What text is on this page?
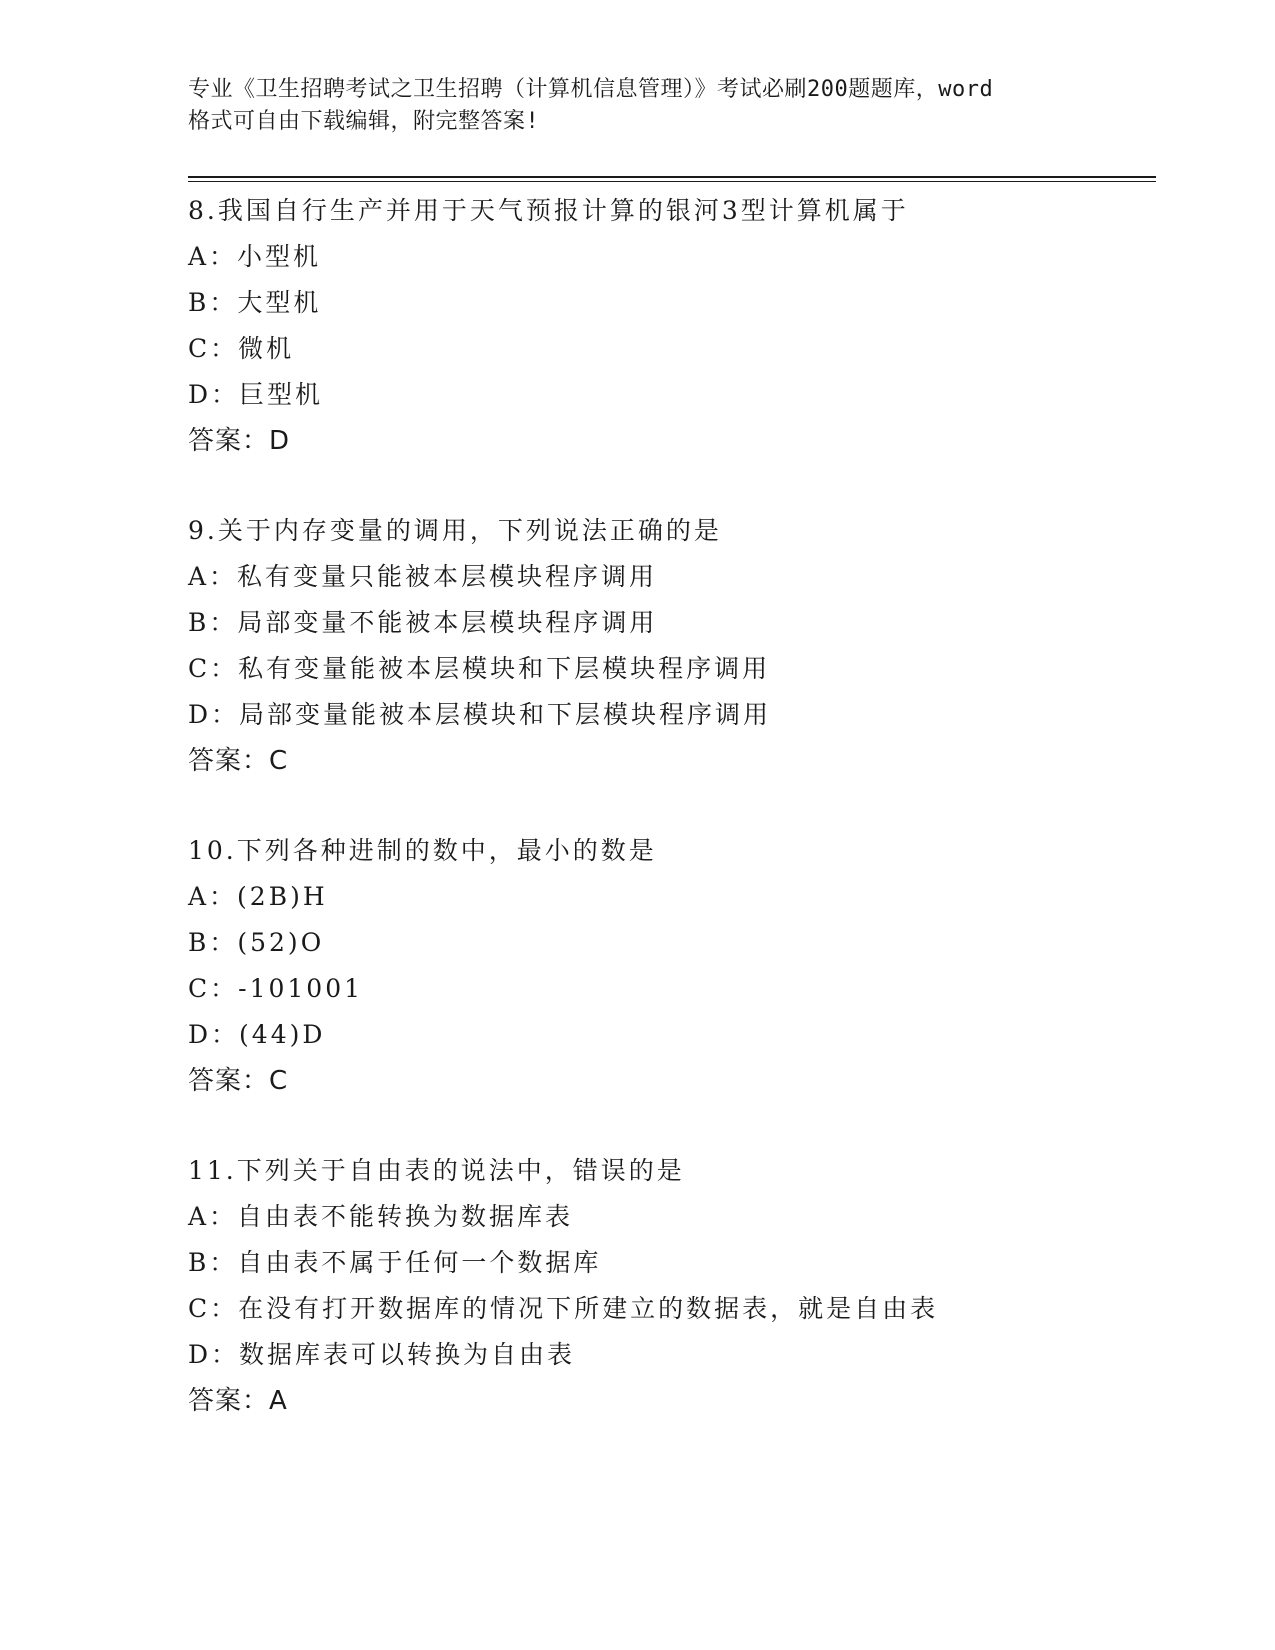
专业《卫生招聘考试之卫生招聘（计算机信息管理）》考试必刷200题题库，word
格式可自由下载编辑，附完整答案!
8.我国自行生产并用于天气预报计算的银河3型计算机属于
A：小型机
B：大型机
C：微机
D：巨型机
答案：D
9.关于内存变量的调用，下列说法正确的是
A：私有变量只能被本层模块程序调用
B：局部变量不能被本层模块程序调用
C：私有变量能被本层模块和下层模块程序调用
D：局部变量能被本层模块和下层模块程序调用
答案：C
10.下列各种进制的数中，最小的数是
A：(2B)H
B：(52)O
C：-101001
D：(44)D
答案：C
11.下列关于自由表的说法中，错误的是
A：自由表不能转换为数据库表
B：自由表不属于任何一个数据库
C：在没有打开数据库的情况下所建立的数据表，就是自由表
D：数据库表可以转换为自由表
答案：A
